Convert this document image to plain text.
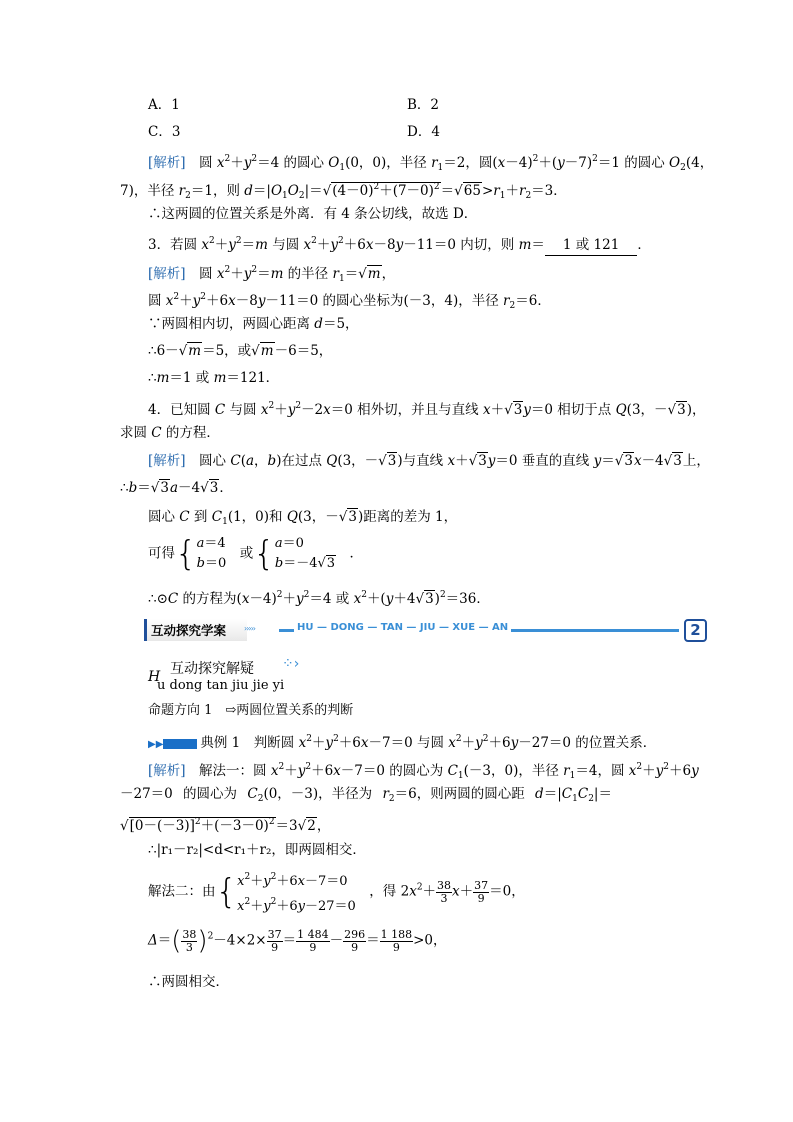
A．1	B．2
C．3	D．4
[解析]　圆 $x^2+y^2=4$ 的圆心 $O_1(0$，0)，半径 $r_1=2$，圆$(x-4)^2+(y-7)^2=1$ 的圆心 $O_2(4$，
7)，半径 $r_2=1$，则 $d=|O_1O_2|=√(4-0)^2+(7-0)^2=√65>r_1+r_2=3$．
∴这两圆的位置关系是外离．有 4 条公切线，故选 D．
3．若圆 $x^2+y^2=m$ 与圆 $x^2+y^2+6x-8y-11=0$ 内切，则 m＝ 1 或 121 ．
[解析]　圆 $x^2+y^2=m$ 的半径 $r_1=√m$，
圆 $x^2+y^2+6x-8y-11=0$ 的圆心坐标为(－3，4)，半径 $r_2=6$．
∵两圆相内切，两圆心距离 d＝5，
∴6－√m＝5，或√m－6＝5，
∴m＝1 或 m＝121．
4．已知圆 C 与圆 $x^2+y^2-2x=0$ 相外切，并且与直线 x＋√3y＝0 相切于点 Q(3，－√3)，
求圆 C 的方程．
[解析]　圆心 C(a，b)在过点 Q(3，－√3)与直线 x＋√3y＝0 垂直的直线 y＝√3x－4√3上，
∴b＝√3a－4√3．
圆心 C 到 $C_1(1$，0)和 Q(3，－√3)距离的差为 1，
可得{a＝4
b＝0　或{a＝0
b＝－4√3　．
∴⊙C 的方程为$(x-4)^2+y^2=4$ 或 $x^2+(y+4√3)^2=36$．
互动探究学案 ›››››	HU — DONG — TAN — JIU — XUE — AN	2
H 互动探究解疑
u dong tan jiu jie yi
⁘›
命题方向 1　⇨两圆位置关系的判断
▶▶	典例 1　判断圆 $x^2+y^2+6x-7=0$ 与圆 $x^2+y^2+6y-27=0$ 的位置关系．
[解析]　解法一：圆 $x^2+y^2+6x-7=0$ 的圆心为 $C_1(-3$，0)，半径 $r_1=4$，圆 $x^2+y^2+6y$
－27＝0 的圆心为 $C_2(0$，－3)，半径为 $r_2=6$，则两圆的圆心距 $d=|C_1C_2|=$
$√[0-(-3)]^2+(-3-0)^2=3√2$，
∴|r₁－r₂|<d<r₁＋r₂，即两圆相交．
解法二：由{$x^2+y^2+6x-7=0$
$x^2+y^2+6y-27=0$　，得 $2x^2+ \frac{38}{3} x+ \frac{37}{9} =0$，
$\Delta=( \frac{38}{3} )^2-4\times 2\times \frac{37}{9} = \frac{1 484}{9} - \frac{296}{9} = \frac{1 188}{9} >0$，
∴两圆相交．
